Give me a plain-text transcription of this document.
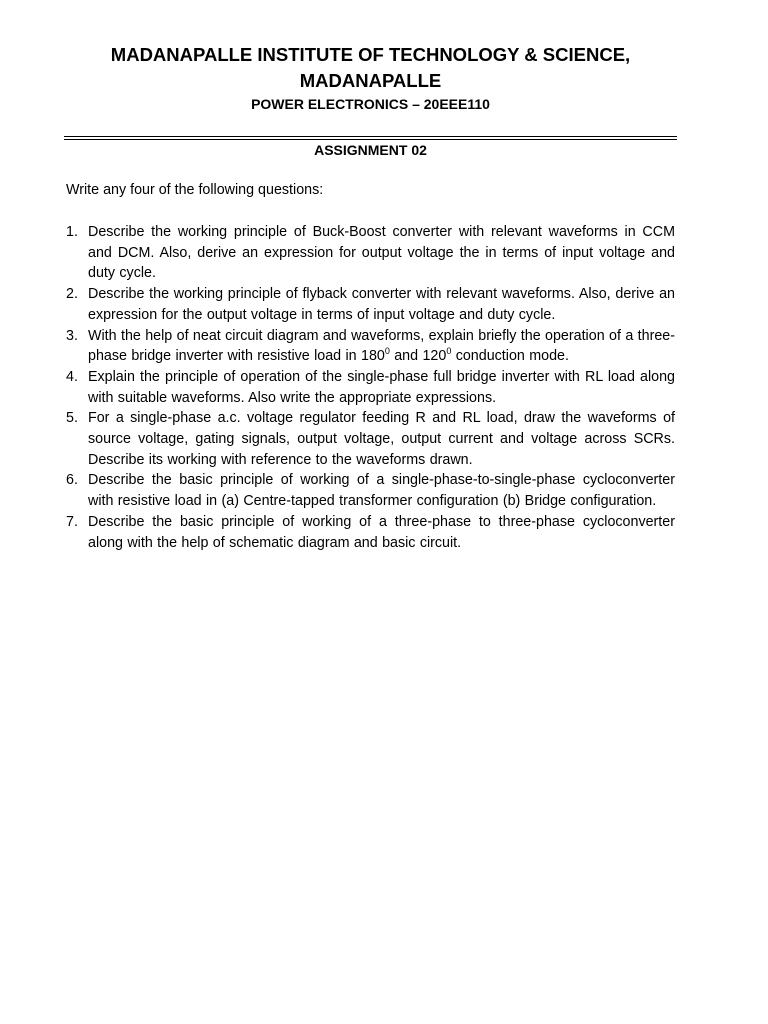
MADANAPALLE INSTITUTE OF TECHNOLOGY & SCIENCE,
MADANAPALLE
POWER ELECTRONICS – 20EEE110
ASSIGNMENT 02
Write any four of the following questions:
1. Describe the working principle of Buck-Boost converter with relevant waveforms in CCM and DCM. Also, derive an expression for output voltage the in terms of input voltage and duty cycle.
2. Describe the working principle of flyback converter with relevant waveforms. Also, derive an expression for the output voltage in terms of input voltage and duty cycle.
3. With the help of neat circuit diagram and waveforms, explain briefly the operation of a three-phase bridge inverter with resistive load in $180^0$ and $120^0$ conduction mode.
4. Explain the principle of operation of the single-phase full bridge inverter with RL load along with suitable waveforms. Also write the appropriate expressions.
5. For a single-phase a.c. voltage regulator feeding R and RL load, draw the waveforms of source voltage, gating signals, output voltage, output current and voltage across SCRs. Describe its working with reference to the waveforms drawn.
6. Describe the basic principle of working of a single-phase-to-single-phase cycloconverter with resistive load in (a) Centre-tapped transformer configuration (b) Bridge configuration.
7. Describe the basic principle of working of a three-phase to three-phase cycloconverter along with the help of schematic diagram and basic circuit.
